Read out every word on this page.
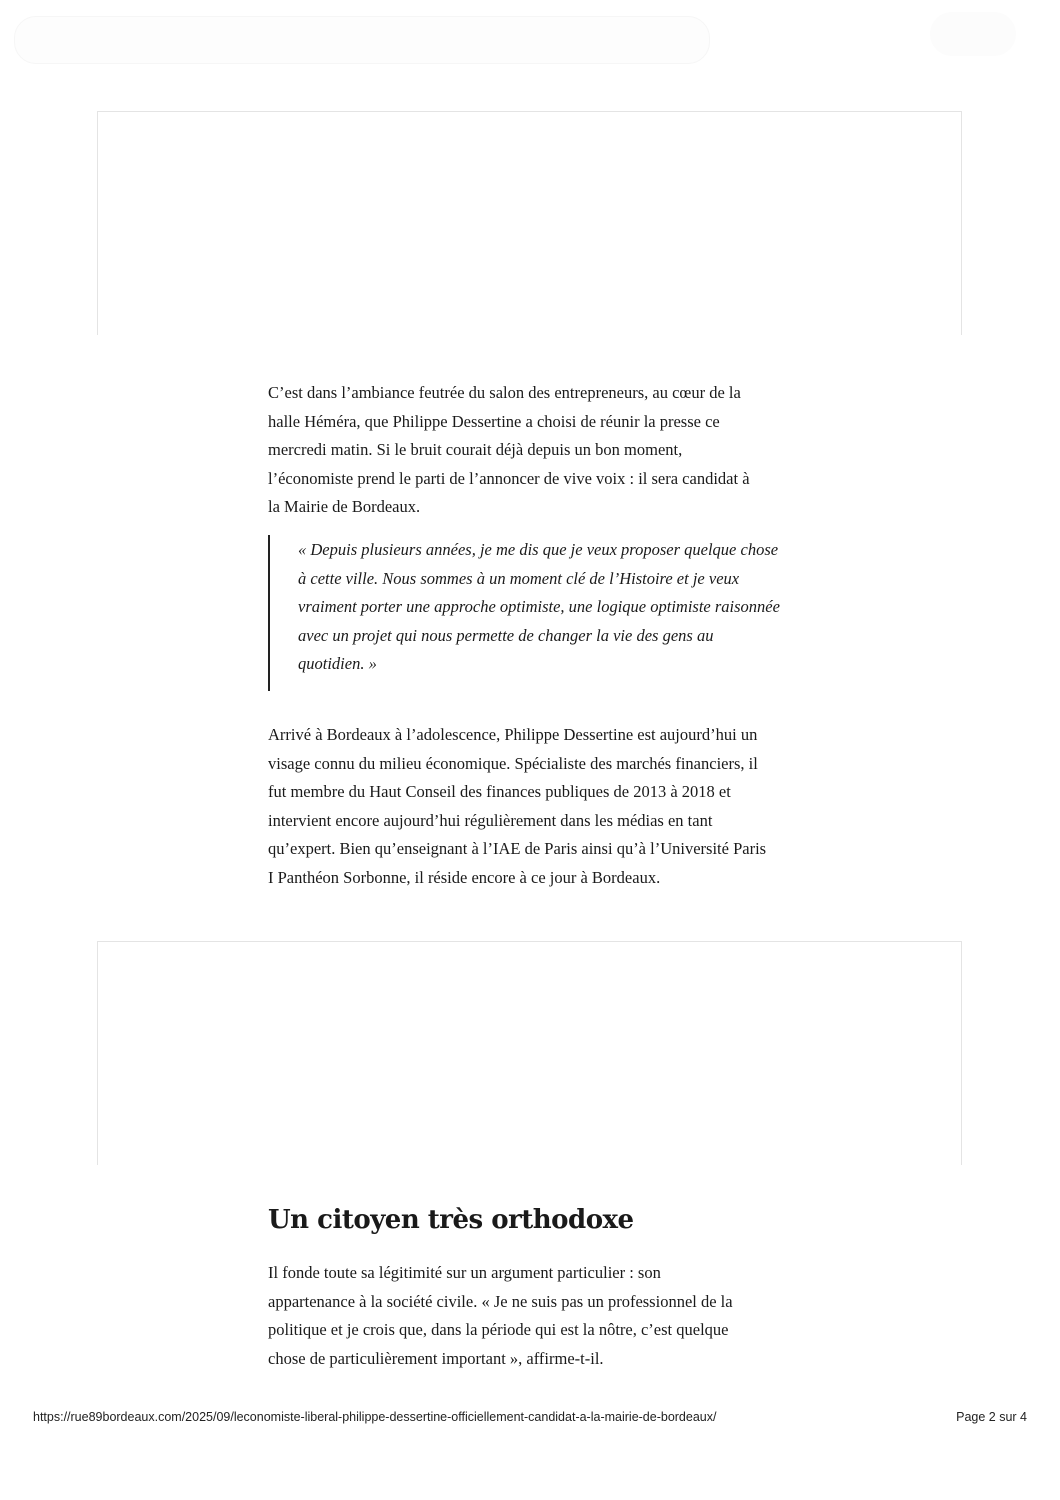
C’est dans l’ambiance feutrée du salon des entrepreneurs, au cœur de la
halle Héméra, que Philippe Dessertine a choisi de réunir la presse ce
mercredi matin. Si le bruit courait déjà depuis un bon moment,
l’économiste prend le parti de l’annoncer de vive voix : il sera candidat à
la Mairie de Bordeaux.
« Depuis plusieurs années, je me dis que je veux proposer quelque chose
à cette ville. Nous sommes à un moment clé de l’Histoire et je veux
vraiment porter une approche optimiste, une logique optimiste raisonnée
avec un projet qui nous permette de changer la vie des gens au
quotidien. »
Arrivé à Bordeaux à l’adolescence, Philippe Dessertine est aujourd’hui un
visage connu du milieu économique. Spécialiste des marchés financiers, il
fut membre du Haut Conseil des finances publiques de 2013 à 2018 et
intervient encore aujourd’hui régulièrement dans les médias en tant
qu’expert. Bien qu’enseignant à l’IAE de Paris ainsi qu’à l’Université Paris
I Panthéon Sorbonne, il réside encore à ce jour à Bordeaux.
Un citoyen très orthodoxe
Il fonde toute sa légitimité sur un argument particulier : son
appartenance à la société civile. « Je ne suis pas un professionnel de la
politique et je crois que, dans la période qui est la nôtre, c’est quelque
chose de particulièrement important », affirme-t-il.
https://rue89bordeaux.com/2025/09/leconomiste-liberal-philippe-dessertine-officiellement-candidat-a-la-mairie-de-bordeaux/	Page 2 sur 4
